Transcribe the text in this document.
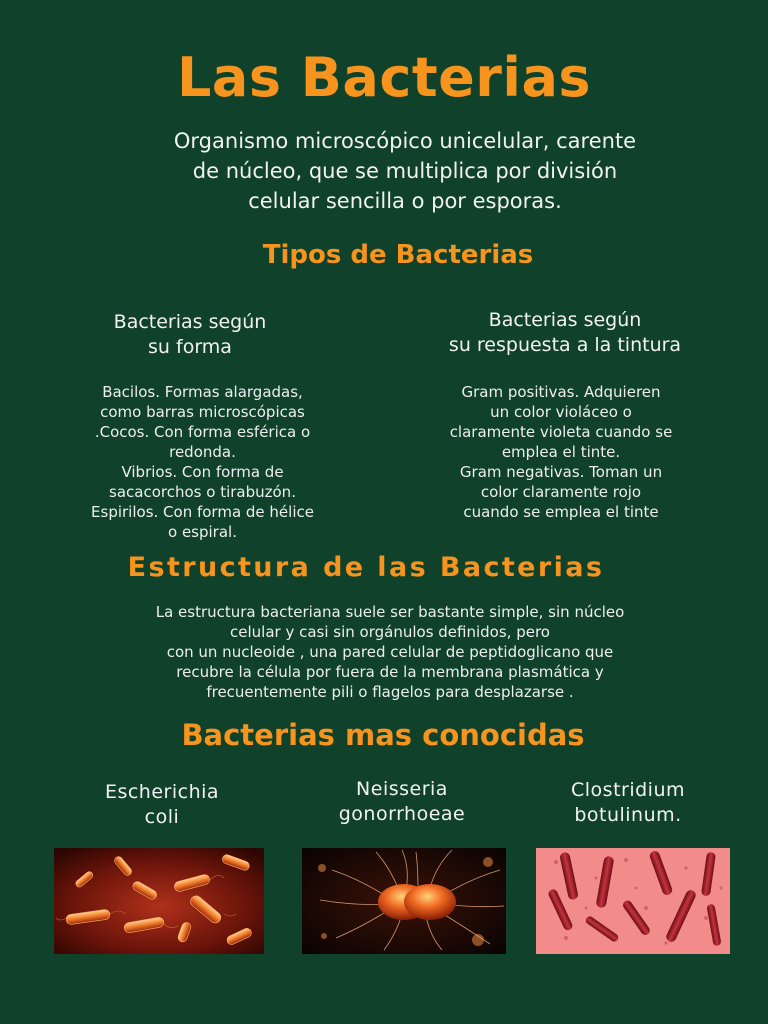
Las Bacterias
Organismo microscópico unicelular, carente
de núcleo, que se multiplica por división
celular sencilla o por esporas.
Tipos de Bacterias
Bacterias según
su forma
Bacilos. Formas alargadas,
como barras microscópicas
.Cocos. Con forma esférica o
redonda.
Vibrios. Con forma de
sacacorchos o tirabuzón.
Espirilos. Con forma de hélice
o espiral.
Bacterias según
su respuesta a la tintura
Gram positivas. Adquieren
un color violáceo o
claramente violeta cuando se
emplea el tinte.
Gram negativas. Toman un
color claramente rojo
cuando se emplea el tinte
Estructura de las Bacterias
La estructura bacteriana suele ser bastante simple, sin núcleo
celular y casi sin orgánulos definidos, pero
con un nucleoide , una pared celular de peptidoglicano que
recubre la célula por fuera de la membrana plasmática y
frecuentemente pili o flagelos para desplazarse .
Bacterias mas conocidas
Escherichia
coli
Neisseria
gonorrhoeae
Clostridium
botulinum.
